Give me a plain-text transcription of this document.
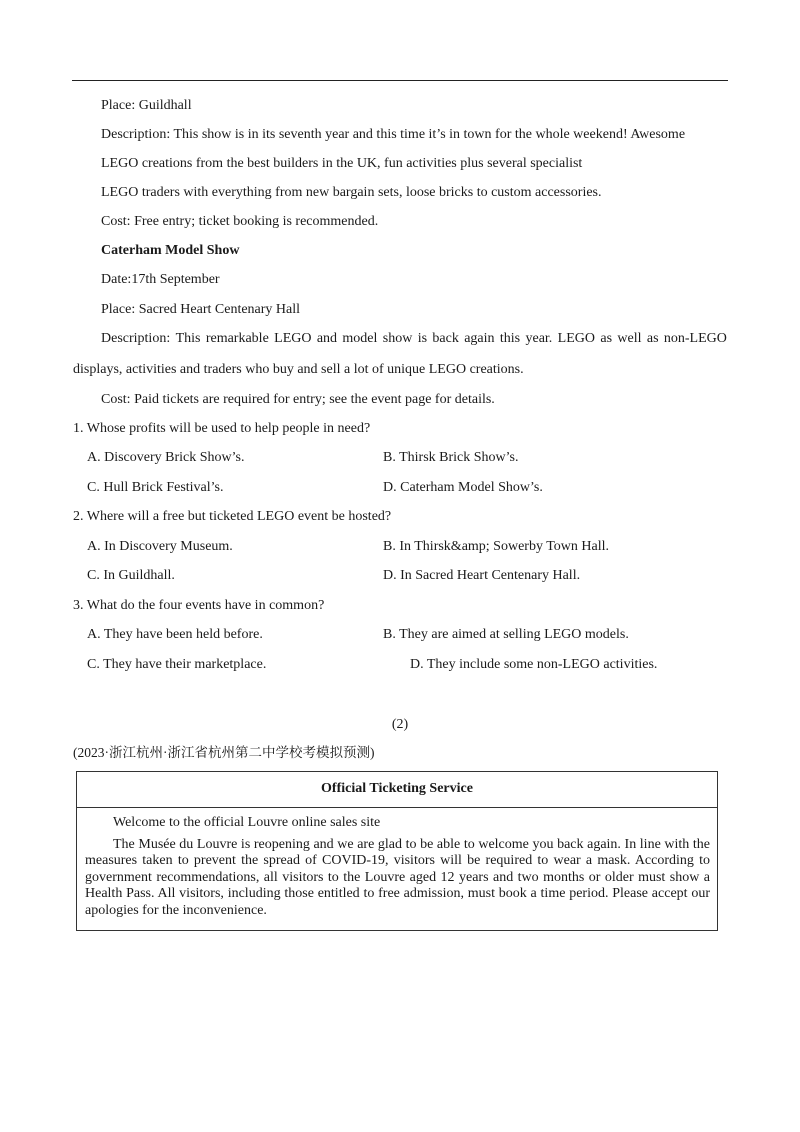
Place: Guildhall
Description: This show is in its seventh year and this time it’s in town for the whole weekend! Awesome
LEGO creations from the best builders in the UK, fun activities plus several specialist
LEGO traders with everything from new bargain sets, loose bricks to custom accessories.
Cost: Free entry; ticket booking is recommended.
Caterham Model Show
Date:17th September
Place: Sacred Heart Centenary Hall
Description: This remarkable LEGO and model show is back again this year. LEGO as well as non-LEGO
displays, activities and traders who buy and sell a lot of unique LEGO creations.
Cost: Paid tickets are required for entry; see the event page for details.
1. Whose profits will be used to help people in need?
A. Discovery Brick Show’s.	B. Thirsk Brick Show’s.
C. Hull Brick Festival’s.	D. Caterham Model Show’s.
2. Where will a free but ticketed LEGO event be hosted?
A. In Discovery Museum.	B. In Thirsk&amp; Sowerby Town Hall.
C. In Guildhall.	D. In Sacred Heart Centenary Hall.
3. What do the four events have in common?
A. They have been held before.	B. They are aimed at selling LEGO models.
C. They have their marketplace.	D. They include some non-LEGO activities.
(2)
(2023·浙江杭州·浙江省杭州第二中学校考模拟预测)
Official Ticketing Service
Welcome to the official Louvre online sales site

The Musée du Louvre is reopening and we are glad to be able to welcome you back again. In line with the measures taken to prevent the spread of COVID-19, visitors will be required to wear a mask. According to government recommendations, all visitors to the Louvre aged 12 years and two months or older must show a Health Pass. All visitors, including those entitled to free admission, must book a time period. Please accept our apologies for the inconvenience.
